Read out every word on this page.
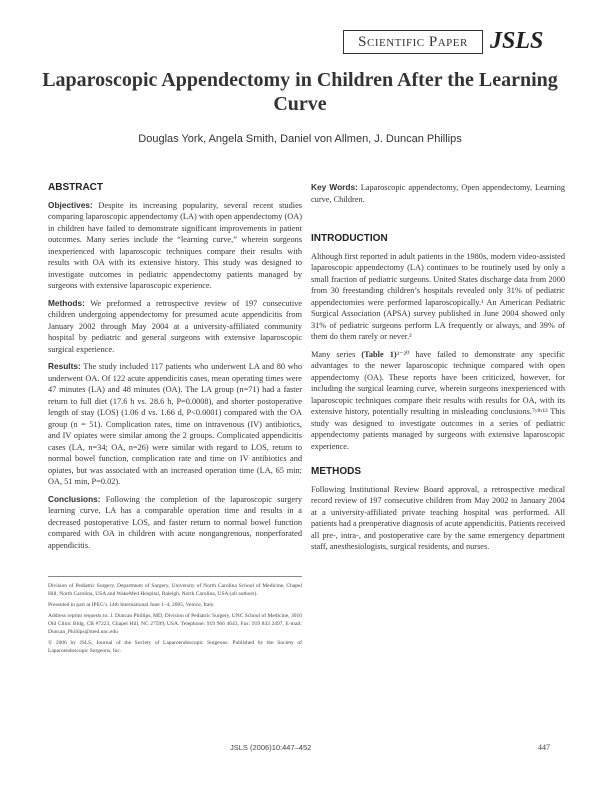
Scientific Paper JSLS
Laparoscopic Appendectomy in Children After the Learning Curve
Douglas York, Angela Smith, Daniel von Allmen, J. Duncan Phillips
ABSTRACT

Objectives: Despite its increasing popularity, several recent studies comparing laparoscopic appendectomy (LA) with open appendectomy (OA) in children have failed to demonstrate significant improvements in patient outcomes. Many series include the “learning curve,” wherein surgeons inexperienced with laparoscopic techniques compare their results with results with OA with its extensive history. This study was designed to investigate outcomes in pediatric appendectomy patients managed by surgeons with extensive laparoscopic experience.

Methods: We preformed a retrospective review of 197 consecutive children undergoing appendectomy for presumed acute appendicitis from January 2002 through May 2004 at a university-affiliated community hospital by pediatric and general surgeons with extensive laparoscopic surgical experience.

Results: The study included 117 patients who underwent LA and 80 who underwent OA. Of 122 acute appendicitis cases, mean operating times were 47 minutes (LA) and 48 minutes (OA). The LA group (n=71) had a faster return to full diet (17.6 h vs. 28.6 h, P=0.0008), and shorter postoperative length of stay (LOS) (1.06 d vs. 1.66 d, P<0.0001) compared with the OA group (n = 51). Complication rates, time on intravenous (IV) antibiotics, and IV opiates were similar among the 2 groups. Complicated appendicitis cases (LA, n=34; OA, n=26) were similar with regard to LOS, return to normal bowel function, complication rate and time on IV antibiotics and opiates, but was associated with an increased operation time (LA, 65 min; OA, 51 min, P=0.02).

Conclusions: Following the completion of the laparoscopic surgery learning curve, LA has a comparable operation time and results in a decreased postoperative LOS, and faster return to normal bowel function compared with OA in children with acute nongangrenous, nonperforated appendicitis.

Division of Pediatric Surgery, Department of Surgery, University of North Carolina School of Medicine, Chapel Hill, North Carolina, USA and WakeMed Hospital, Raleigh, North Carolina, USA (all authors).

Presented in part at IPEG’s 14th International June 1–4, 2005, Venice, Italy.

Address reprint requests to: J. Duncan Phillips, MD, Division of Pediatric Surgery, UNC School of Medicine, 3010 Old Clinic Bldg, CB #7223, Chapel Hill, NC 27599, USA. Telephone: 919 966 4643, Fax: 919 843 2497, E-mail: Duncan_Phillips@med.unc.edu

© 2006 by JSLS, Journal of the Society of Laparoendoscopic Surgeons. Published by the Society of Laparoendoscopic Surgeons, Inc.

Key Words: Laparoscopic appendectomy, Open appendectomy, Learning curve, Children.

INTRODUCTION

Although first reported in adult patients in the 1980s, modern video-assisted laparoscopic appendectomy (LA) continues to be routinely used by only a small fraction of pediatric surgeons. United States discharge data from 2000 from 30 freestanding children’s hospitals revealed only 31% of pediatric appendectomies were performed laparoscopically.¹ An American Pediatric Surgical Association (APSA) survey published in June 2004 showed only 31% of pediatric surgeons perform LA frequently or always, and 39% of them do them rarely or never.²

Many series (Table 1)³⁻²⁰ have failed to demonstrate any specific advantages to the newer laparoscopic technique compared with open appendectomy (OA). These reports have been criticized, however, for including the surgical learning curve, wherein surgeons inexperienced with laparoscopic techniques compare their results with results for OA, with its extensive history, potentially resulting in misleading conclusions.⁷ʸ⁸ʸ¹³ This study was designed to investigate outcomes in a series of pediatric appendectomy patients managed by surgeons with extensive laparoscopic experience.

METHODS

Following Institutional Review Board approval, a retrospective medical record review of 197 consecutive children from May 2002 to January 2004 at a university-affiliated private teaching hospital was performed. All patients had a preoperative diagnosis of acute appendicitis. Patients received all pre-, intra-, and postoperative care by the same emergency department staff, anesthesiologists, surgical residents, and nurses.

JSLS (2006)10:447–452	447
